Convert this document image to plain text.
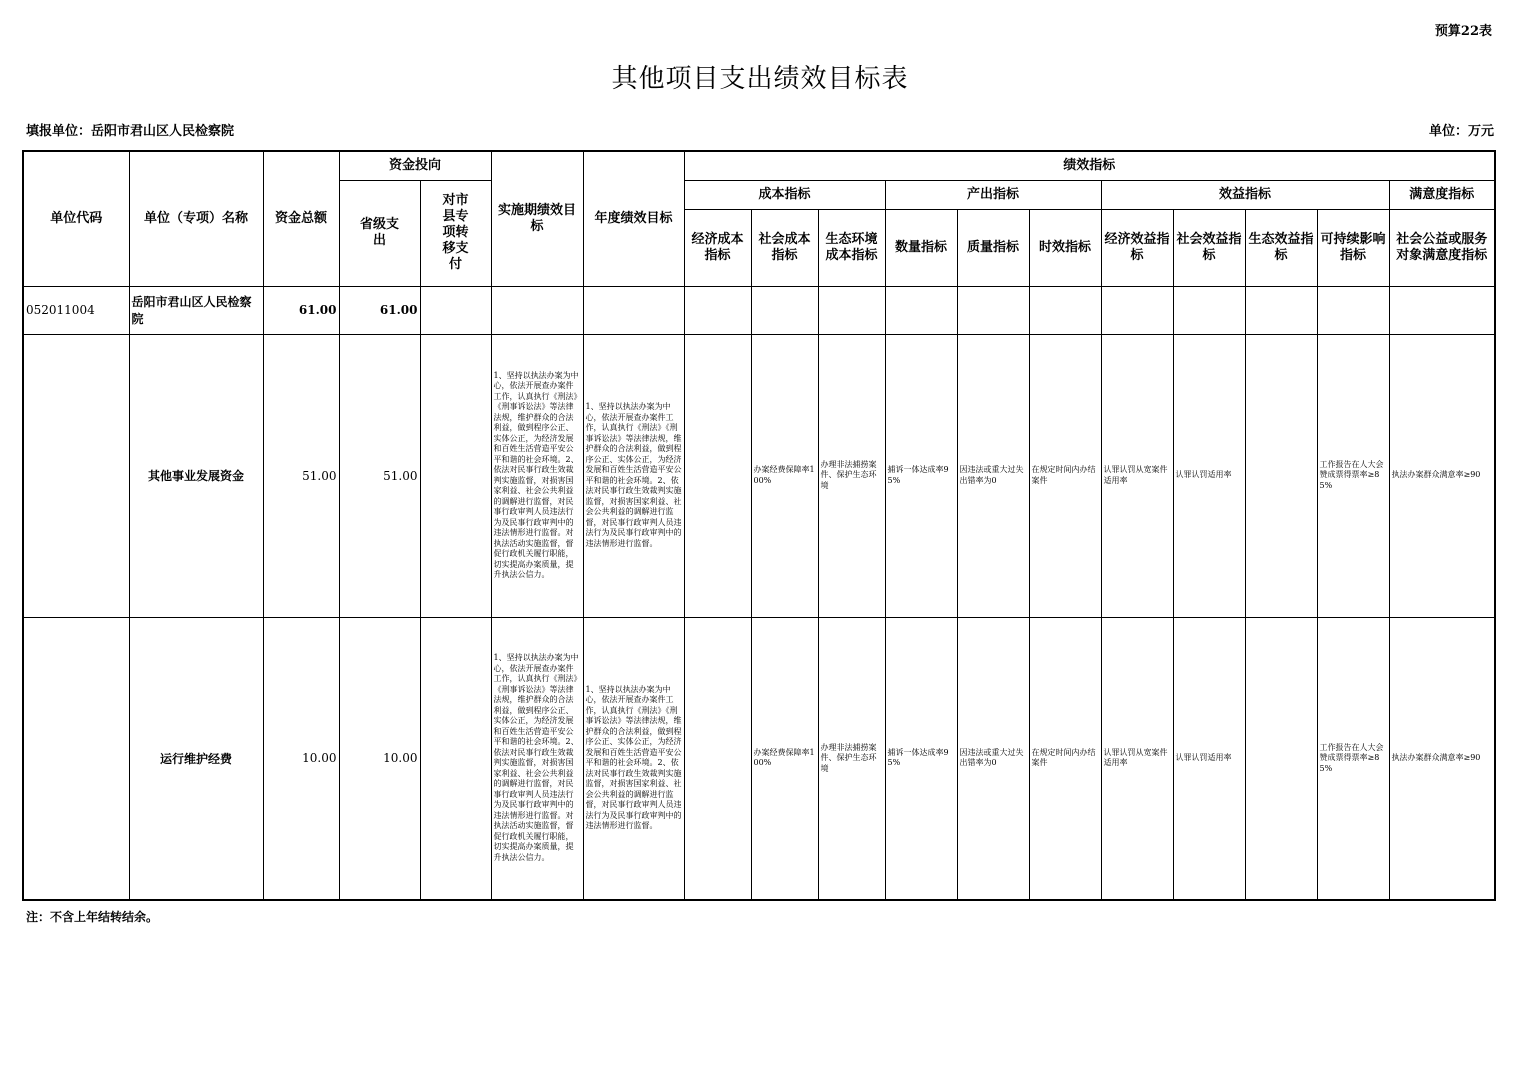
预算22表
其他项目支出绩效目标表
填报单位：岳阳市君山区人民检察院	单位：万元
单位代码	单位（专项）名称	资金总额	资金投向		实施期绩效目标	年度绩效目标	绩效指标										

			省级支出	对市县专项转移支付			成本指标			产出指标			效益指标				满意度指标
							经济成本指标	社会成本指标	生态环境成本指标	数量指标	质量指标	时效指标	经济效益指标	社会效益指标	生态效益指标	可持续影响指标	社会公益或服务对象满意度指标
052011004	岳阳市君山区人民检察院	61.00	61.00														
	其他事业发展资金	51.00	51.00		1、坚持以执法办案为中心，依法开展查办案件工作，认真执行《刑法》《刑事诉讼法》等法律法规，维护群众的合法利益，做到程序公正、实体公正，为经济发展和百姓生活营造平安公平和谐的社会环境。2、依法对民事行政生效裁判实施监督，对损害国家利益、社会公共利益的调解进行监督，对民事行政审判人员违法行为及民事行政审判中的违法情形进行监督。对执法活动实施监督，督促行政机关履行职能，切实提高办案质量，提升执法公信力。	1、坚持以执法办案为中心，依法开展查办案件工作，认真执行《刑法》《刑事诉讼法》等法律法规，维护群众的合法利益，做到程序公正、实体公正，为经济发展和百姓生活营造平安公平和谐的社会环境。2、依法对民事行政生效裁判实施监督，对损害国家利益、社会公共利益的调解进行监督，对民事行政审判人员违法行为及民事行政审判中的违法情形进行监督。		办案经费保障率100%	办理非法捕捞案件、保护生态环境	捕诉一体达成率95%	因违法或重大过失出错率为0	在规定时间内办结案件	认罪认罚从宽案件适用率	认罪认罚适用率		工作报告在人大会赞成票得票率≥85%	执法办案群众满意率≥90
	运行维护经费	10.00	10.00		1、坚持以执法办案为中心，依法开展查办案件工作，认真执行《刑法》《刑事诉讼法》等法律法规，维护群众的合法利益，做到程序公正、实体公正，为经济发展和百姓生活营造平安公平和谐的社会环境。2、依法对民事行政生效裁判实施监督，对损害国家利益、社会公共利益的调解进行监督，对民事行政审判人员违法行为及民事行政审判中的违法情形进行监督。对执法活动实施监督，督促行政机关履行职能，切实提高办案质量，提升执法公信力。	1、坚持以执法办案为中心，依法开展查办案件工作，认真执行《刑法》《刑事诉讼法》等法律法规，维护群众的合法利益，做到程序公正、实体公正，为经济发展和百姓生活营造平安公平和谐的社会环境。2、依法对民事行政生效裁判实施监督，对损害国家利益、社会公共利益的调解进行监督，对民事行政审判人员违法行为及民事行政审判中的违法情形进行监督。		办案经费保障率100%	办理非法捕捞案件、保护生态环境	捕诉一体达成率95%	因违法或重大过失出错率为0	在规定时间内办结案件	认罪认罚从宽案件适用率	认罪认罚适用率		工作报告在人大会赞成票得票率≥85%	执法办案群众满意率≥90
注：不含上年结转结余。
